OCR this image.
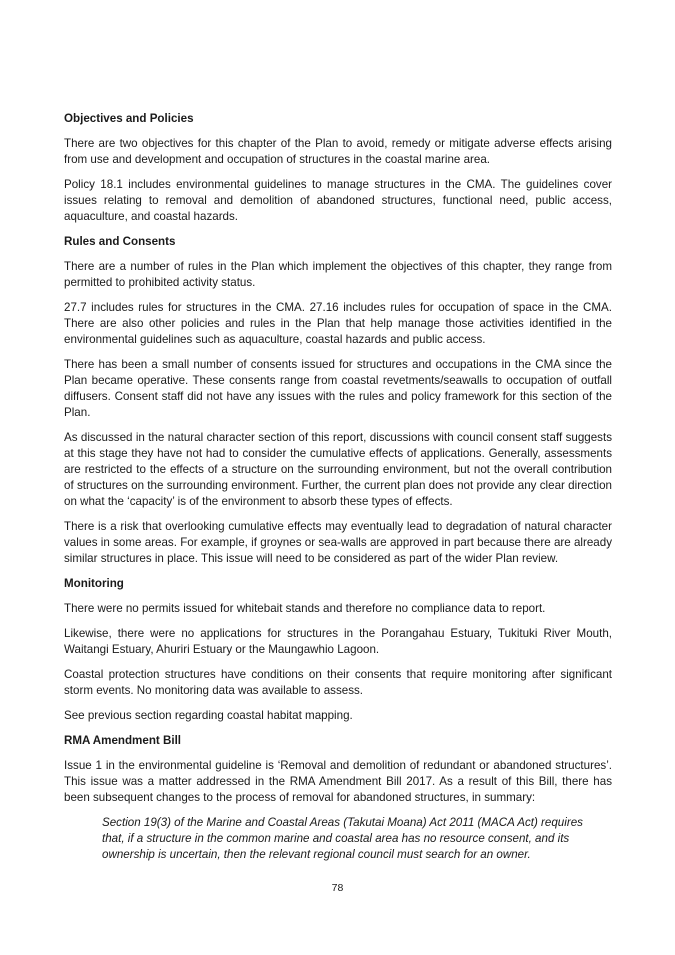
Objectives and Policies

There are two objectives for this chapter of the Plan to avoid, remedy or mitigate adverse effects arising from use and development and occupation of structures in the coastal marine area.

Policy 18.1 includes environmental guidelines to manage structures in the CMA. The guidelines cover issues relating to removal and demolition of abandoned structures, functional need, public access, aquaculture, and coastal hazards.

Rules and Consents

There are a number of rules in the Plan which implement the objectives of this chapter, they range from permitted to prohibited activity status.

27.7 includes rules for structures in the CMA. 27.16 includes rules for occupation of space in the CMA. There are also other policies and rules in the Plan that help manage those activities identified in the environmental guidelines such as aquaculture, coastal hazards and public access.

There has been a small number of consents issued for structures and occupations in the CMA since the Plan became operative. These consents range from coastal revetments/seawalls to occupation of outfall diffusers. Consent staff did not have any issues with the rules and policy framework for this section of the Plan.

As discussed in the natural character section of this report, discussions with council consent staff suggests at this stage they have not had to consider the cumulative effects of applications. Generally, assessments are restricted to the effects of a structure on the surrounding environment, but not the overall contribution of structures on the surrounding environment. Further, the current plan does not provide any clear direction on what the ‘capacity’ is of the environment to absorb these types of effects.

There is a risk that overlooking cumulative effects may eventually lead to degradation of natural character values in some areas. For example, if groynes or sea-walls are approved in part because there are already similar structures in place. This issue will need to be considered as part of the wider Plan review.

Monitoring

There were no permits issued for whitebait stands and therefore no compliance data to report.

Likewise, there were no applications for structures in the Porangahau Estuary, Tukituki River Mouth, Waitangi Estuary, Ahuriri Estuary or the Maungawhio Lagoon.

Coastal protection structures have conditions on their consents that require monitoring after significant storm events. No monitoring data was available to assess.

See previous section regarding coastal habitat mapping.

RMA Amendment Bill

Issue 1 in the environmental guideline is ‘Removal and demolition of redundant or abandoned structures’. This issue was a matter addressed in the RMA Amendment Bill 2017. As a result of this Bill, there has been subsequent changes to the process of removal for abandoned structures, in summary:

Section 19(3) of the Marine and Coastal Areas (Takutai Moana) Act 2011 (MACA Act) requires that, if a structure in the common marine and coastal area has no resource consent, and its ownership is uncertain, then the relevant regional council must search for an owner.

78
